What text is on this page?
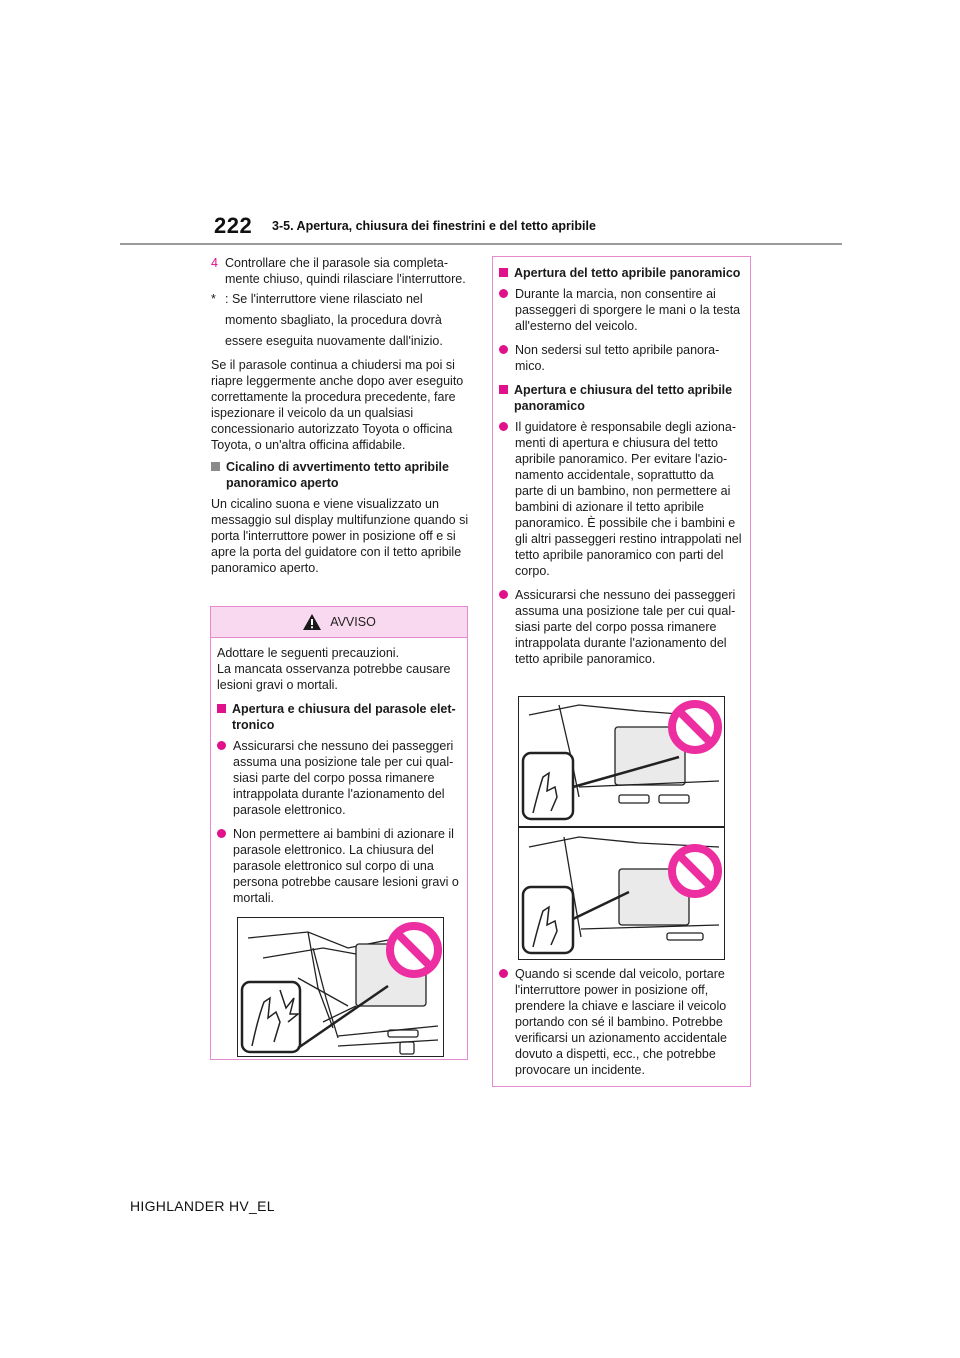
222 3-5. Apertura, chiusura dei finestrini e del tetto apribile
4 Controllare che il parasole sia completamente chiuso, quindi rilasciare l'interruttore.

* : Se l'interruttore viene rilasciato nel momento sbagliato, la procedura dovrà essere eseguita nuovamente dall'inizio.

Se il parasole continua a chiudersi ma poi si riapre leggermente anche dopo aver eseguito correttamente la procedura precedente, fare ispezionare il veicolo da un qualsiasi concessionario autorizzato Toyota o officina Toyota, o un'altra officina affidabile.

Cicalino di avvertimento tetto apribile panoramico aperto

Un cicalino suona e viene visualizzato un messaggio sul display multifunzione quando si porta l'interruttore power in posizione off e si apre la porta del guidatore con il tetto apribile panoramico aperto.

AVVISO

Adottare le seguenti precauzioni.
La mancata osservanza potrebbe causare lesioni gravi o mortali.

Apertura e chiusura del parasole elettronico

Assicurarsi che nessuno dei passeggeri assuma una posizione tale per cui qualsiasi parte del corpo possa rimanere intrappolata durante l'azionamento del parasole elettronico.

Non permettere ai bambini di azionare il parasole elettronico. La chiusura del parasole elettronico sul corpo di una persona potrebbe causare lesioni gravi o mortali.

Apertura del tetto apribile panoramico

Durante la marcia, non consentire ai passeggeri di sporgere le mani o la testa all'esterno del veicolo.

Non sedersi sul tetto apribile panoramico.

Apertura e chiusura del tetto apribile panoramico

Il guidatore è responsabile degli azionamenti di apertura e chiusura del tetto apribile panoramico. Per evitare l'azionamento accidentale, soprattutto da parte di un bambino, non permettere ai bambini di azionare il tetto apribile panoramico. È possibile che i bambini e gli altri passeggeri restino intrappolati nel tetto apribile panoramico con parti del corpo.

Assicurarsi che nessuno dei passeggeri assuma una posizione tale per cui qualsiasi parte del corpo possa rimanere intrappolata durante l'azionamento del tetto apribile panoramico.

Quando si scende dal veicolo, portare l'interruttore power in posizione off, prendere la chiave e lasciare il veicolo portando con sé il bambino. Potrebbe verificarsi un azionamento accidentale dovuto a dispetti, ecc., che potrebbe provocare un incidente.

HIGHLANDER HV_EL
